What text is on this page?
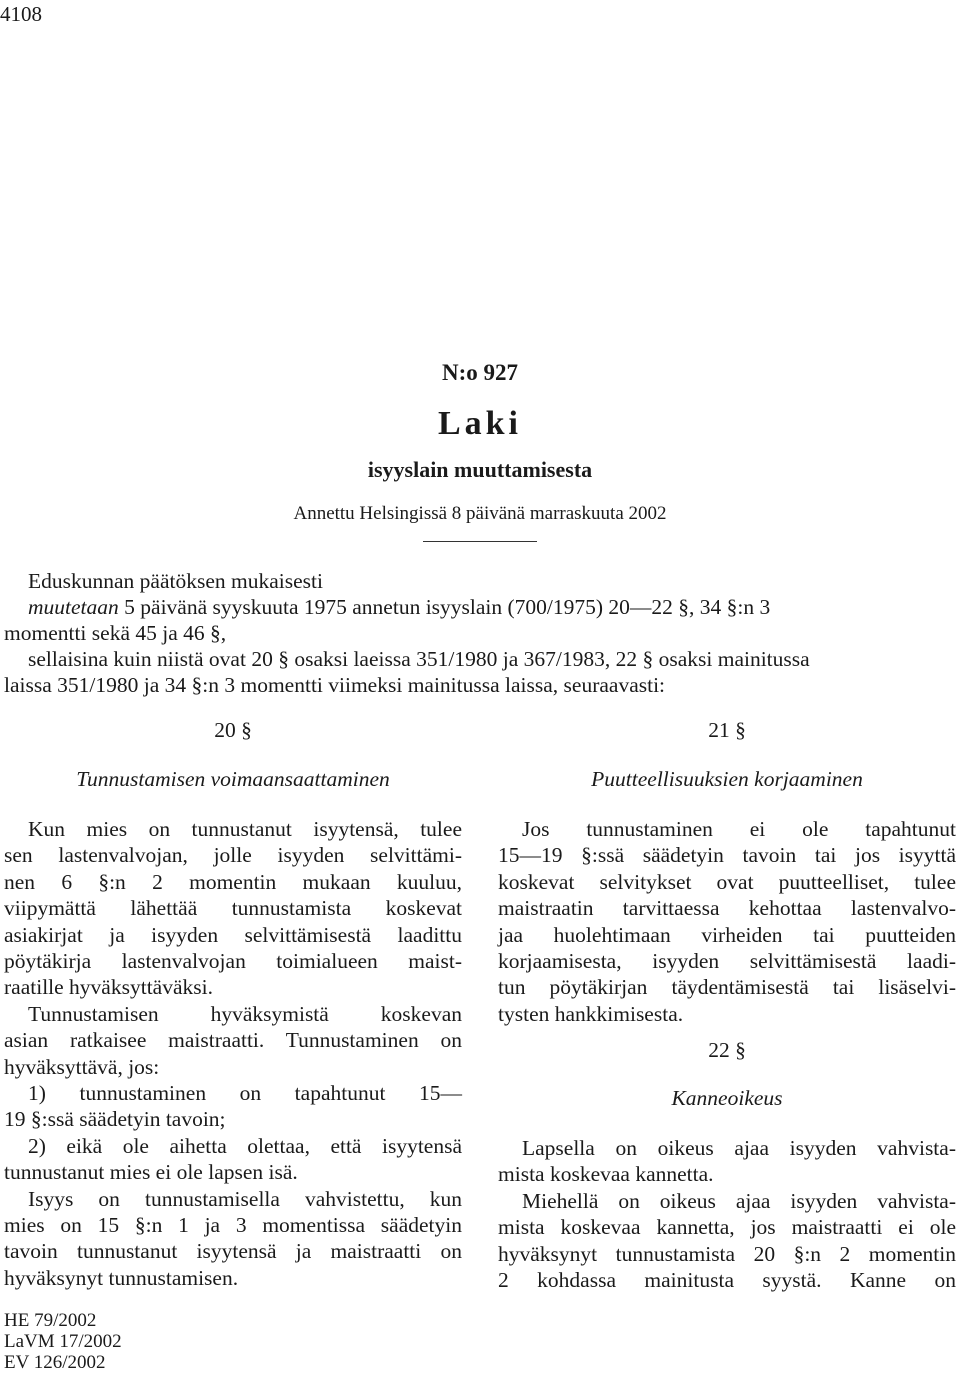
4108
N:o 927
Laki
isyyslain muuttamisesta
Annettu Helsingissä 8 päivänä marraskuuta 2002
Eduskunnan päätöksen mukaisesti
muutetaan 5 päivänä syyskuuta 1975 annetun isyyslain (700/1975) 20—22 §, 34 §:n 3
momentti sekä 45 ja 46 §,
sellaisina kuin niistä ovat 20 § osaksi laeissa 351/1980 ja 367/1983, 22 § osaksi mainitussa
laissa 351/1980 ja 34 §:n 3 momentti viimeksi mainitussa laissa, seuraavasti:
20 §
Tunnustamisen voimaansaattaminen
Kun mies on tunnustanut isyytensä, tulee
sen lastenvalvojan, jolle isyyden selvittämi-
nen 6 §:n 2 momentin mukaan kuuluu,
viipymättä lähettää tunnustamista koskevat
asiakirjat ja isyyden selvittämisestä laadittu
pöytäkirja lastenvalvojan toimialueen maist-
raatille hyväksyttäväksi.
Tunnustamisen hyväksymistä koskevan
asian ratkaisee maistraatti. Tunnustaminen on
hyväksyttävä, jos:
1) tunnustaminen on tapahtunut 15—
19 §:ssä säädetyin tavoin;
2) eikä ole aihetta olettaa, että isyytensä
tunnustanut mies ei ole lapsen isä.
Isyys on tunnustamisella vahvistettu, kun
mies on 15 §:n 1 ja 3 momentissa säädetyin
tavoin tunnustanut isyytensä ja maistraatti on
hyväksynyt tunnustamisen.
21 §
Puutteellisuuksien korjaaminen
Jos tunnustaminen ei ole tapahtunut
15—19 §:ssä säädetyin tavoin tai jos isyyttä
koskevat selvitykset ovat puutteelliset, tulee
maistraatin tarvittaessa kehottaa lastenvalvo-
jaa huolehtimaan virheiden tai puutteiden
korjaamisesta, isyyden selvittämisestä laadi-
tun pöytäkirjan täydentämisestä tai lisäselvi-
tysten hankkimisesta.
22 §
Kanneoikeus
Lapsella on oikeus ajaa isyyden vahvista-
mista koskevaa kannetta.
Miehellä on oikeus ajaa isyyden vahvista-
mista koskevaa kannetta, jos maistraatti ei ole
hyväksynyt tunnustamista 20 §:n 2 momentin
2 kohdassa mainitusta syystä. Kanne on
HE 79/2002
LaVM 17/2002
EV 126/2002
